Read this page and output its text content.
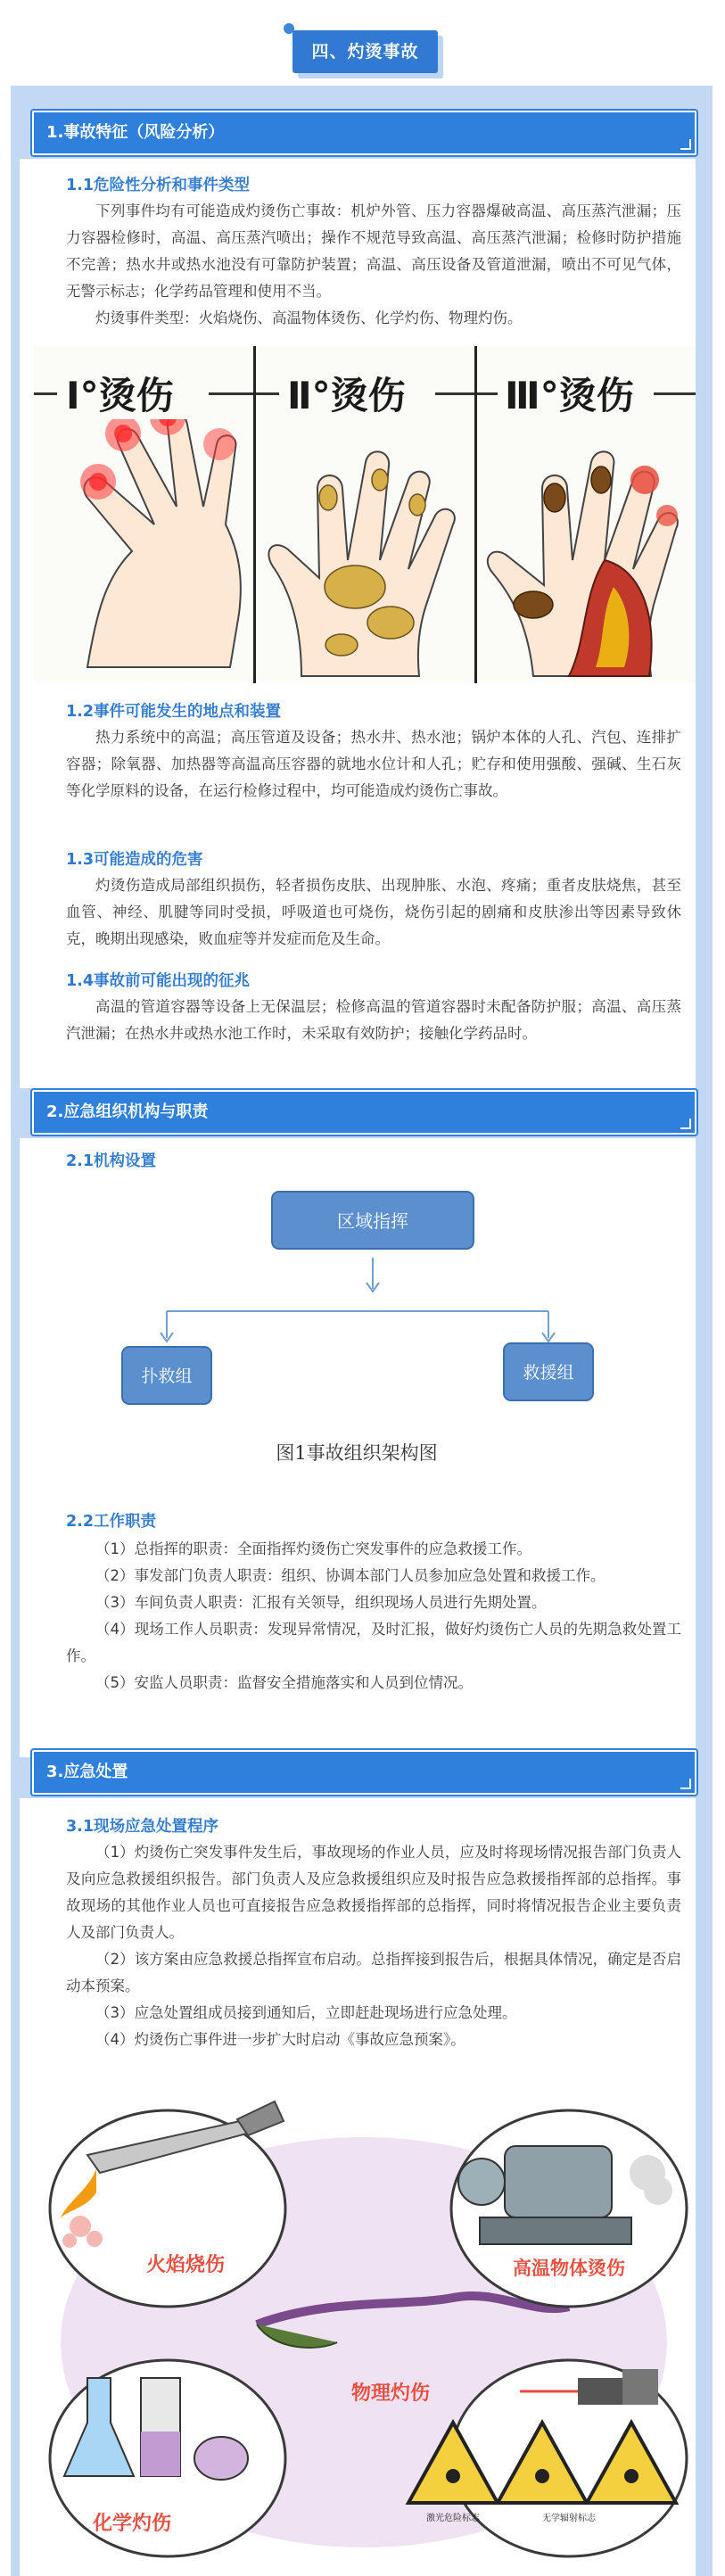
四、灼烫事故
1.事故特征（风险分析）
1.1危险性分析和事件类型

下列事件均有可能造成灼烫伤亡事故：机炉外管、压力容器爆破高温、高压蒸汽泄漏；压力容器检修时，高温、高压蒸汽喷出；操作不规范导致高温、高压蒸汽泄漏；检修时防护措施不完善；热水井或热水池没有可靠防护装置；高温、高压设备及管道泄漏，喷出不可见气体，无警示标志；化学药品管理和使用不当。

灼烫事件类型：火焰烧伤、高温物体烫伤、化学灼伤、物理灼伤。

Ⅰ°烫伤	Ⅱ°烫伤	Ⅲ°烫伤
1.2事件可能发生的地点和装置

热力系统中的高温；高压管道及设备；热水井、热水池；锅炉本体的人孔、汽包、连排扩容器；除氧器、加热器等高温高压容器的就地水位计和人孔；贮存和使用强酸、强碱、生石灰等化学原料的设备，在运行检修过程中，均可能造成灼烫伤亡事故。

1.3可能造成的危害

灼烫伤造成局部组织损伤，轻者损伤皮肤、出现肿胀、水泡、疼痛；重者皮肤烧焦，甚至血管、神经、肌腱等同时受损，呼吸道也可烧伤，烧伤引起的剧痛和皮肤渗出等因素导致休克，晚期出现感染，败血症等并发症而危及生命。

1.4事故前可能出现的征兆

高温的管道容器等设备上无保温层；检修高温的管道容器时未配备防护服；高温、高压蒸汽泄漏；在热水井或热水池工作时，未采取有效防护；接触化学药品时。

2.应急组织机构与职责
2.1机构设置
区域指挥
扑救组	救援组
图1事故组织架构图
2.2工作职责

（1）总指挥的职责：全面指挥灼烫伤亡突发事件的应急救援工作。

（2）事发部门负责人职责：组织、协调本部门人员参加应急处置和救援工作。

（3）车间负责人职责：汇报有关领导，组织现场人员进行先期处置。

（4）现场工作人员职责：发现异常情况，及时汇报，做好灼烫伤亡人员的先期急救处置工作。

（5）安监人员职责：监督安全措施落实和人员到位情况。

3.应急处置
3.1现场应急处置程序

（1）灼烫伤亡突发事件发生后，事故现场的作业人员，应及时将现场情况报告部门负责人及向应急救援组织报告。部门负责人及应急救援组织应及时报告应急救援指挥部的总指挥。事故现场的其他作业人员也可直接报告应急救援指挥部的总指挥，同时将情况报告企业主要负责人及部门负责人。

（2）该方案由应急救援总指挥宣布启动。总指挥接到报告后，根据具体情况，确定是否启动本预案。

（3）应急处置组成员接到通知后，立即赶赴现场进行应急处理。

（4）灼烫伤亡事件进一步扩大时启动《事故应急预案》。

火焰烧伤	高温物体烫伤
化学灼伤	激光危险标志	无学辐射标志
物理灼伤
